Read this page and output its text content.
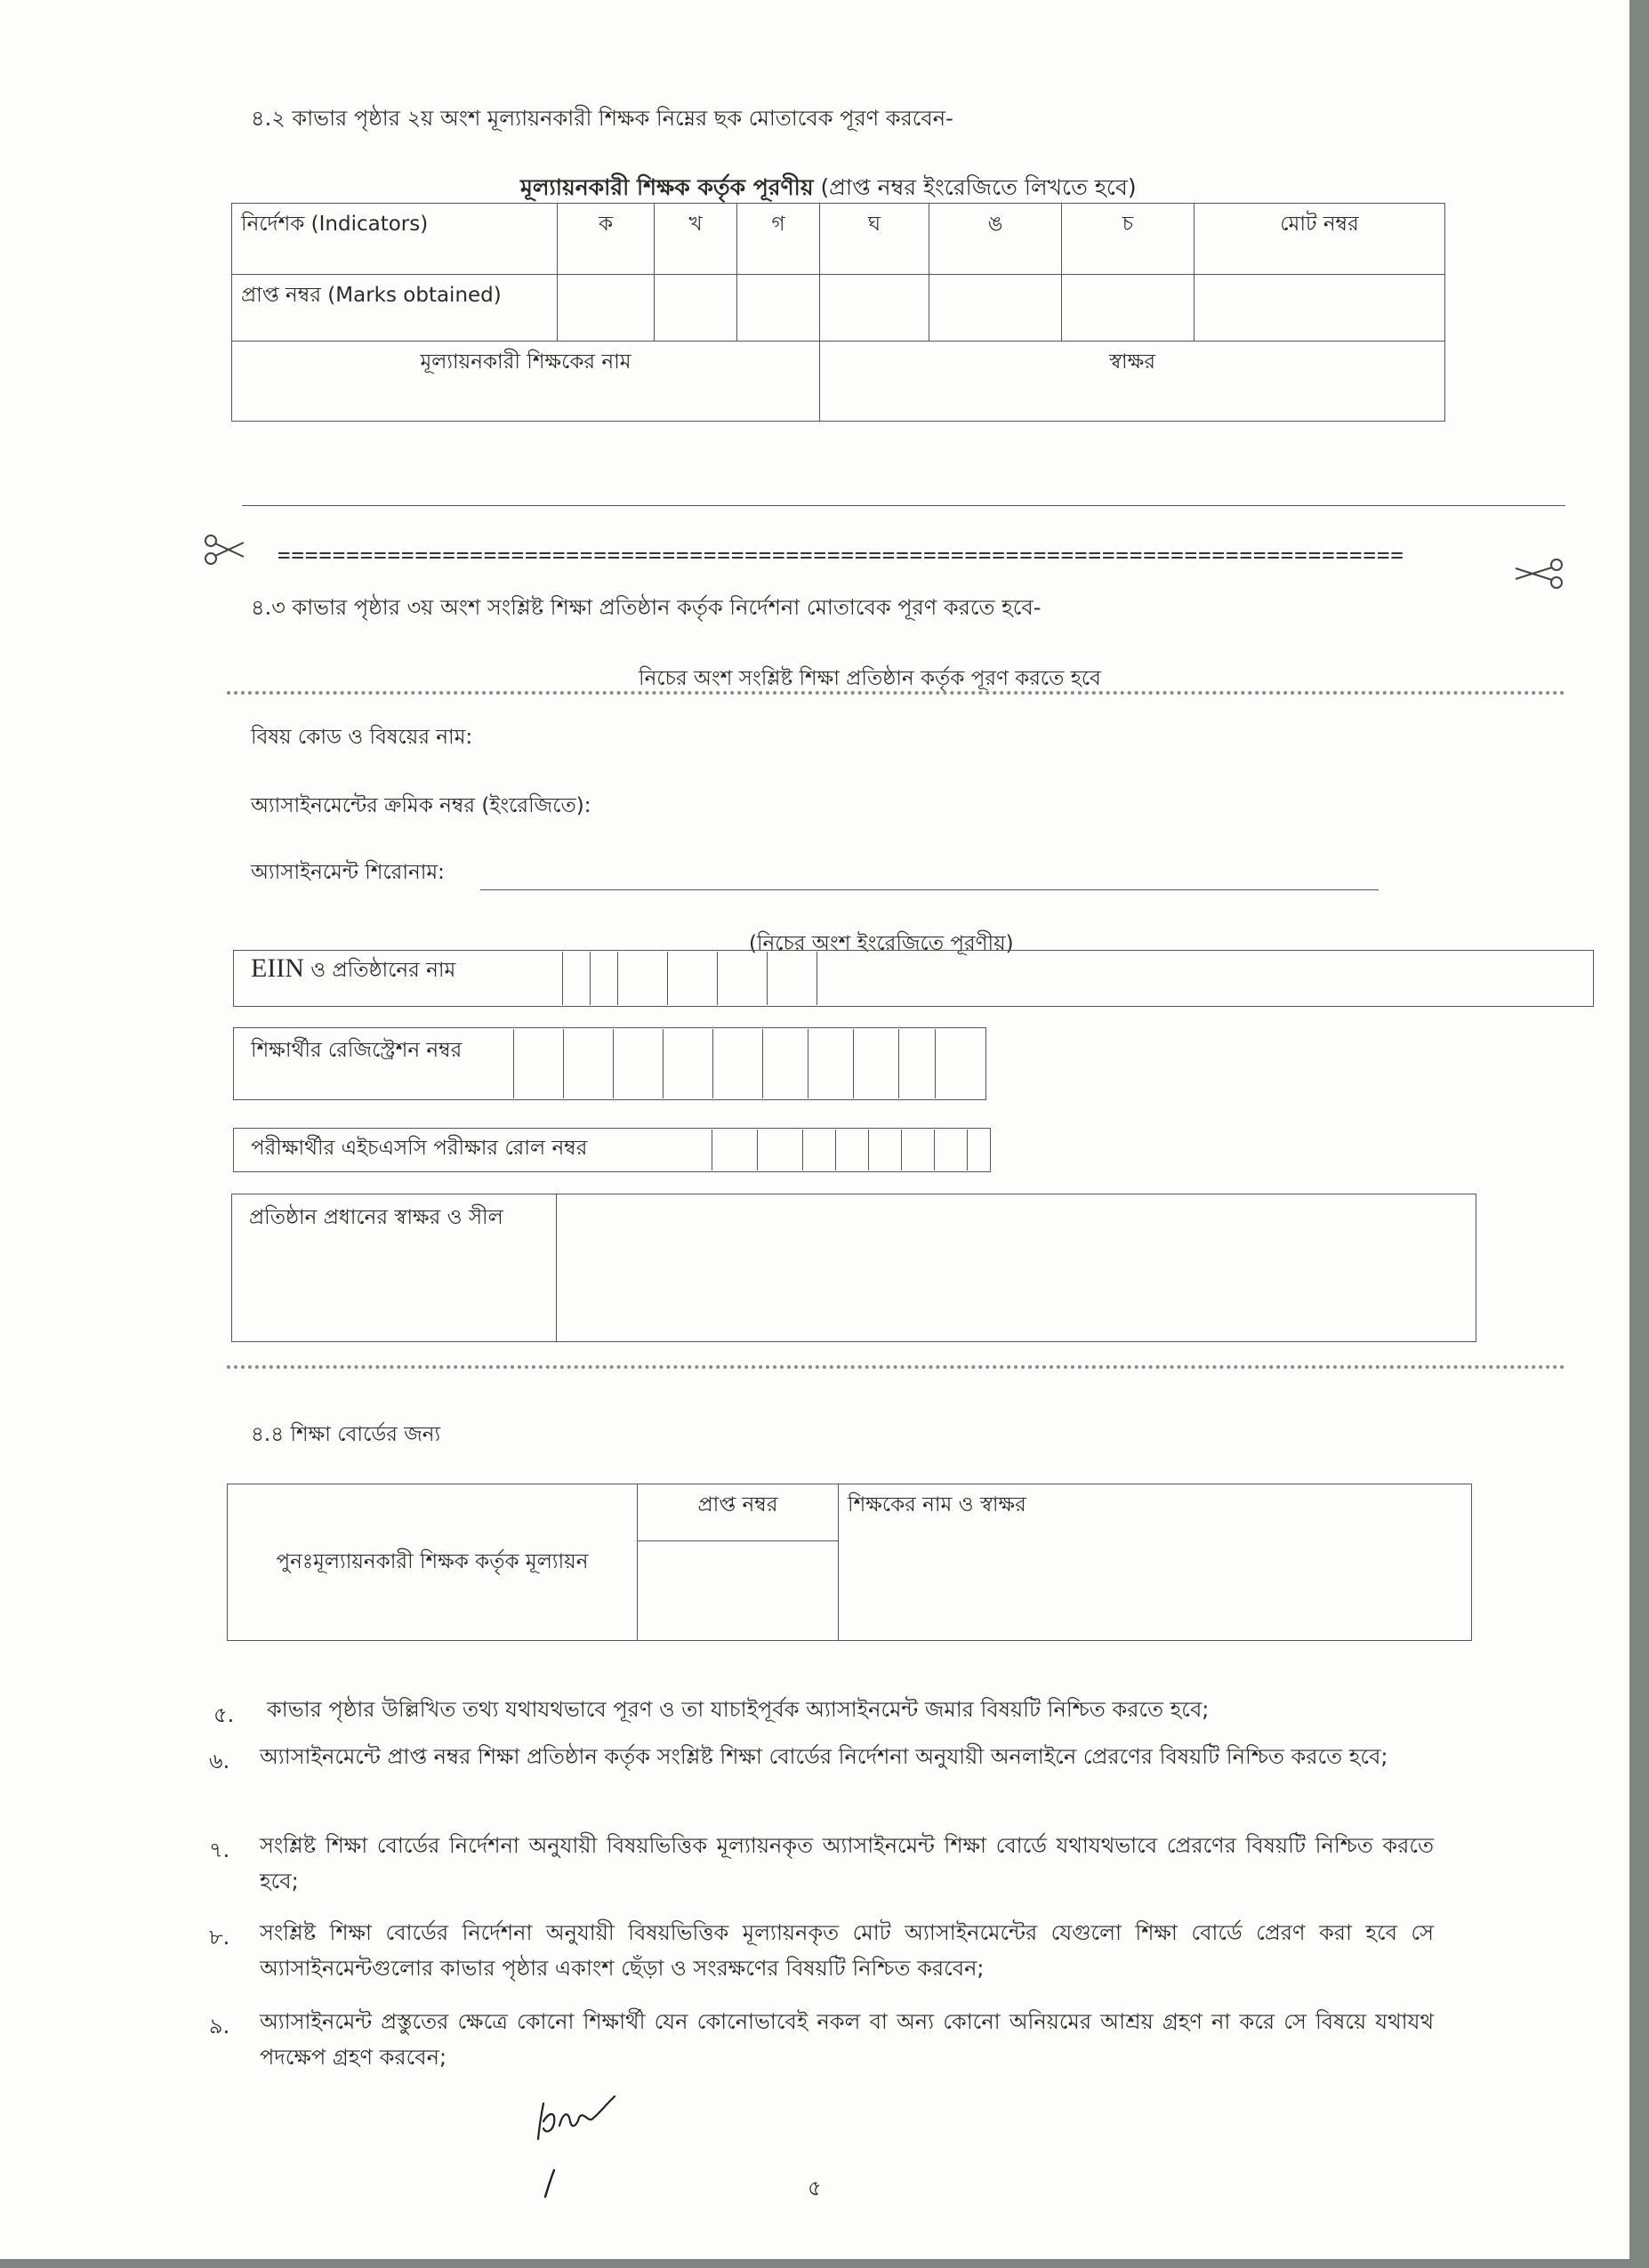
৪.২ কাভার পৃষ্ঠার ২য় অংশ মূল্যায়নকারী শিক্ষক নিম্নের ছক মোতাবেক পূরণ করবেন-
মূল্যায়নকারী শিক্ষক কর্তৃক পূরণীয় (প্রাপ্ত নম্বর ইংরেজিতে লিখতে হবে)
নির্দেশক (Indicators)	ক	খ	গ	ঘ	ঙ	চ	মোট নম্বর
প্রাপ্ত নম্বর (Marks obtained)							
মূল্যায়নকারী শিক্ষকের নাম				স্বাক্ষর			
==================================================================================
৪.৩ কাভার পৃষ্ঠার ৩য় অংশ সংশ্লিষ্ট শিক্ষা প্রতিষ্ঠান কর্তৃক নির্দেশনা মোতাবেক পূরণ করতে হবে-
নিচের অংশ সংশ্লিষ্ট শিক্ষা প্রতিষ্ঠান কর্তৃক পূরণ করতে হবে
বিষয় কোড ও বিষয়ের নাম:
অ্যাসাইনমেন্টের ক্রমিক নম্বর (ইংরেজিতে):
অ্যাসাইনমেন্ট শিরোনাম:
(নিচের অংশ ইংরেজিতে পূরণীয়)
EIIN ও প্রতিষ্ঠানের নাম
শিক্ষার্থীর রেজিস্ট্রেশন নম্বর
পরীক্ষার্থীর এইচএসসি পরীক্ষার রোল নম্বর
প্রতিষ্ঠান প্রধানের স্বাক্ষর ও সীল
৪.৪ শিক্ষা বোর্ডের জন্য
পুনঃমূল্যায়নকারী শিক্ষক কর্তৃক মূল্যায়ন	প্রাপ্ত নম্বর	শিক্ষকের নাম ও স্বাক্ষর

৫. কাভার পৃষ্ঠার উল্লিখিত তথ্য যথাযথভাবে পূরণ ও তা যাচাইপূর্বক অ্যাসাইনমেন্ট জমার বিষয়টি নিশ্চিত করতে হবে;
৬. অ্যাসাইনমেন্টে প্রাপ্ত নম্বর শিক্ষা প্রতিষ্ঠান কর্তৃক সংশ্লিষ্ট শিক্ষা বোর্ডের নির্দেশনা অনুযায়ী অনলাইনে প্রেরণের বিষয়টি নিশ্চিত করতে হবে;
৭. সংশ্লিষ্ট শিক্ষা বোর্ডের নির্দেশনা অনুযায়ী বিষয়ভিত্তিক মূল্যায়নকৃত অ্যাসাইনমেন্ট শিক্ষা বোর্ডে যথাযথভাবে প্রেরণের বিষয়টি নিশ্চিত করতে হবে;
৮. সংশ্লিষ্ট শিক্ষা বোর্ডের নির্দেশনা অনুযায়ী বিষয়ভিত্তিক মূল্যায়নকৃত মোট অ্যাসাইনমেন্টের যেগুলো শিক্ষা বোর্ডে প্রেরণ করা হবে সে অ্যাসাইনমেন্টগুলোর কাভার পৃষ্ঠার একাংশ ছেঁড়া ও সংরক্ষণের বিষয়টি নিশ্চিত করবেন;
৯. অ্যাসাইনমেন্ট প্রস্তুতের ক্ষেত্রে কোনো শিক্ষার্থী যেন কোনোভাবেই নকল বা অন্য কোনো অনিয়মের আশ্রয় গ্রহণ না করে সে বিষয়ে যথাযথ পদক্ষেপ গ্রহণ করবেন;
৫
